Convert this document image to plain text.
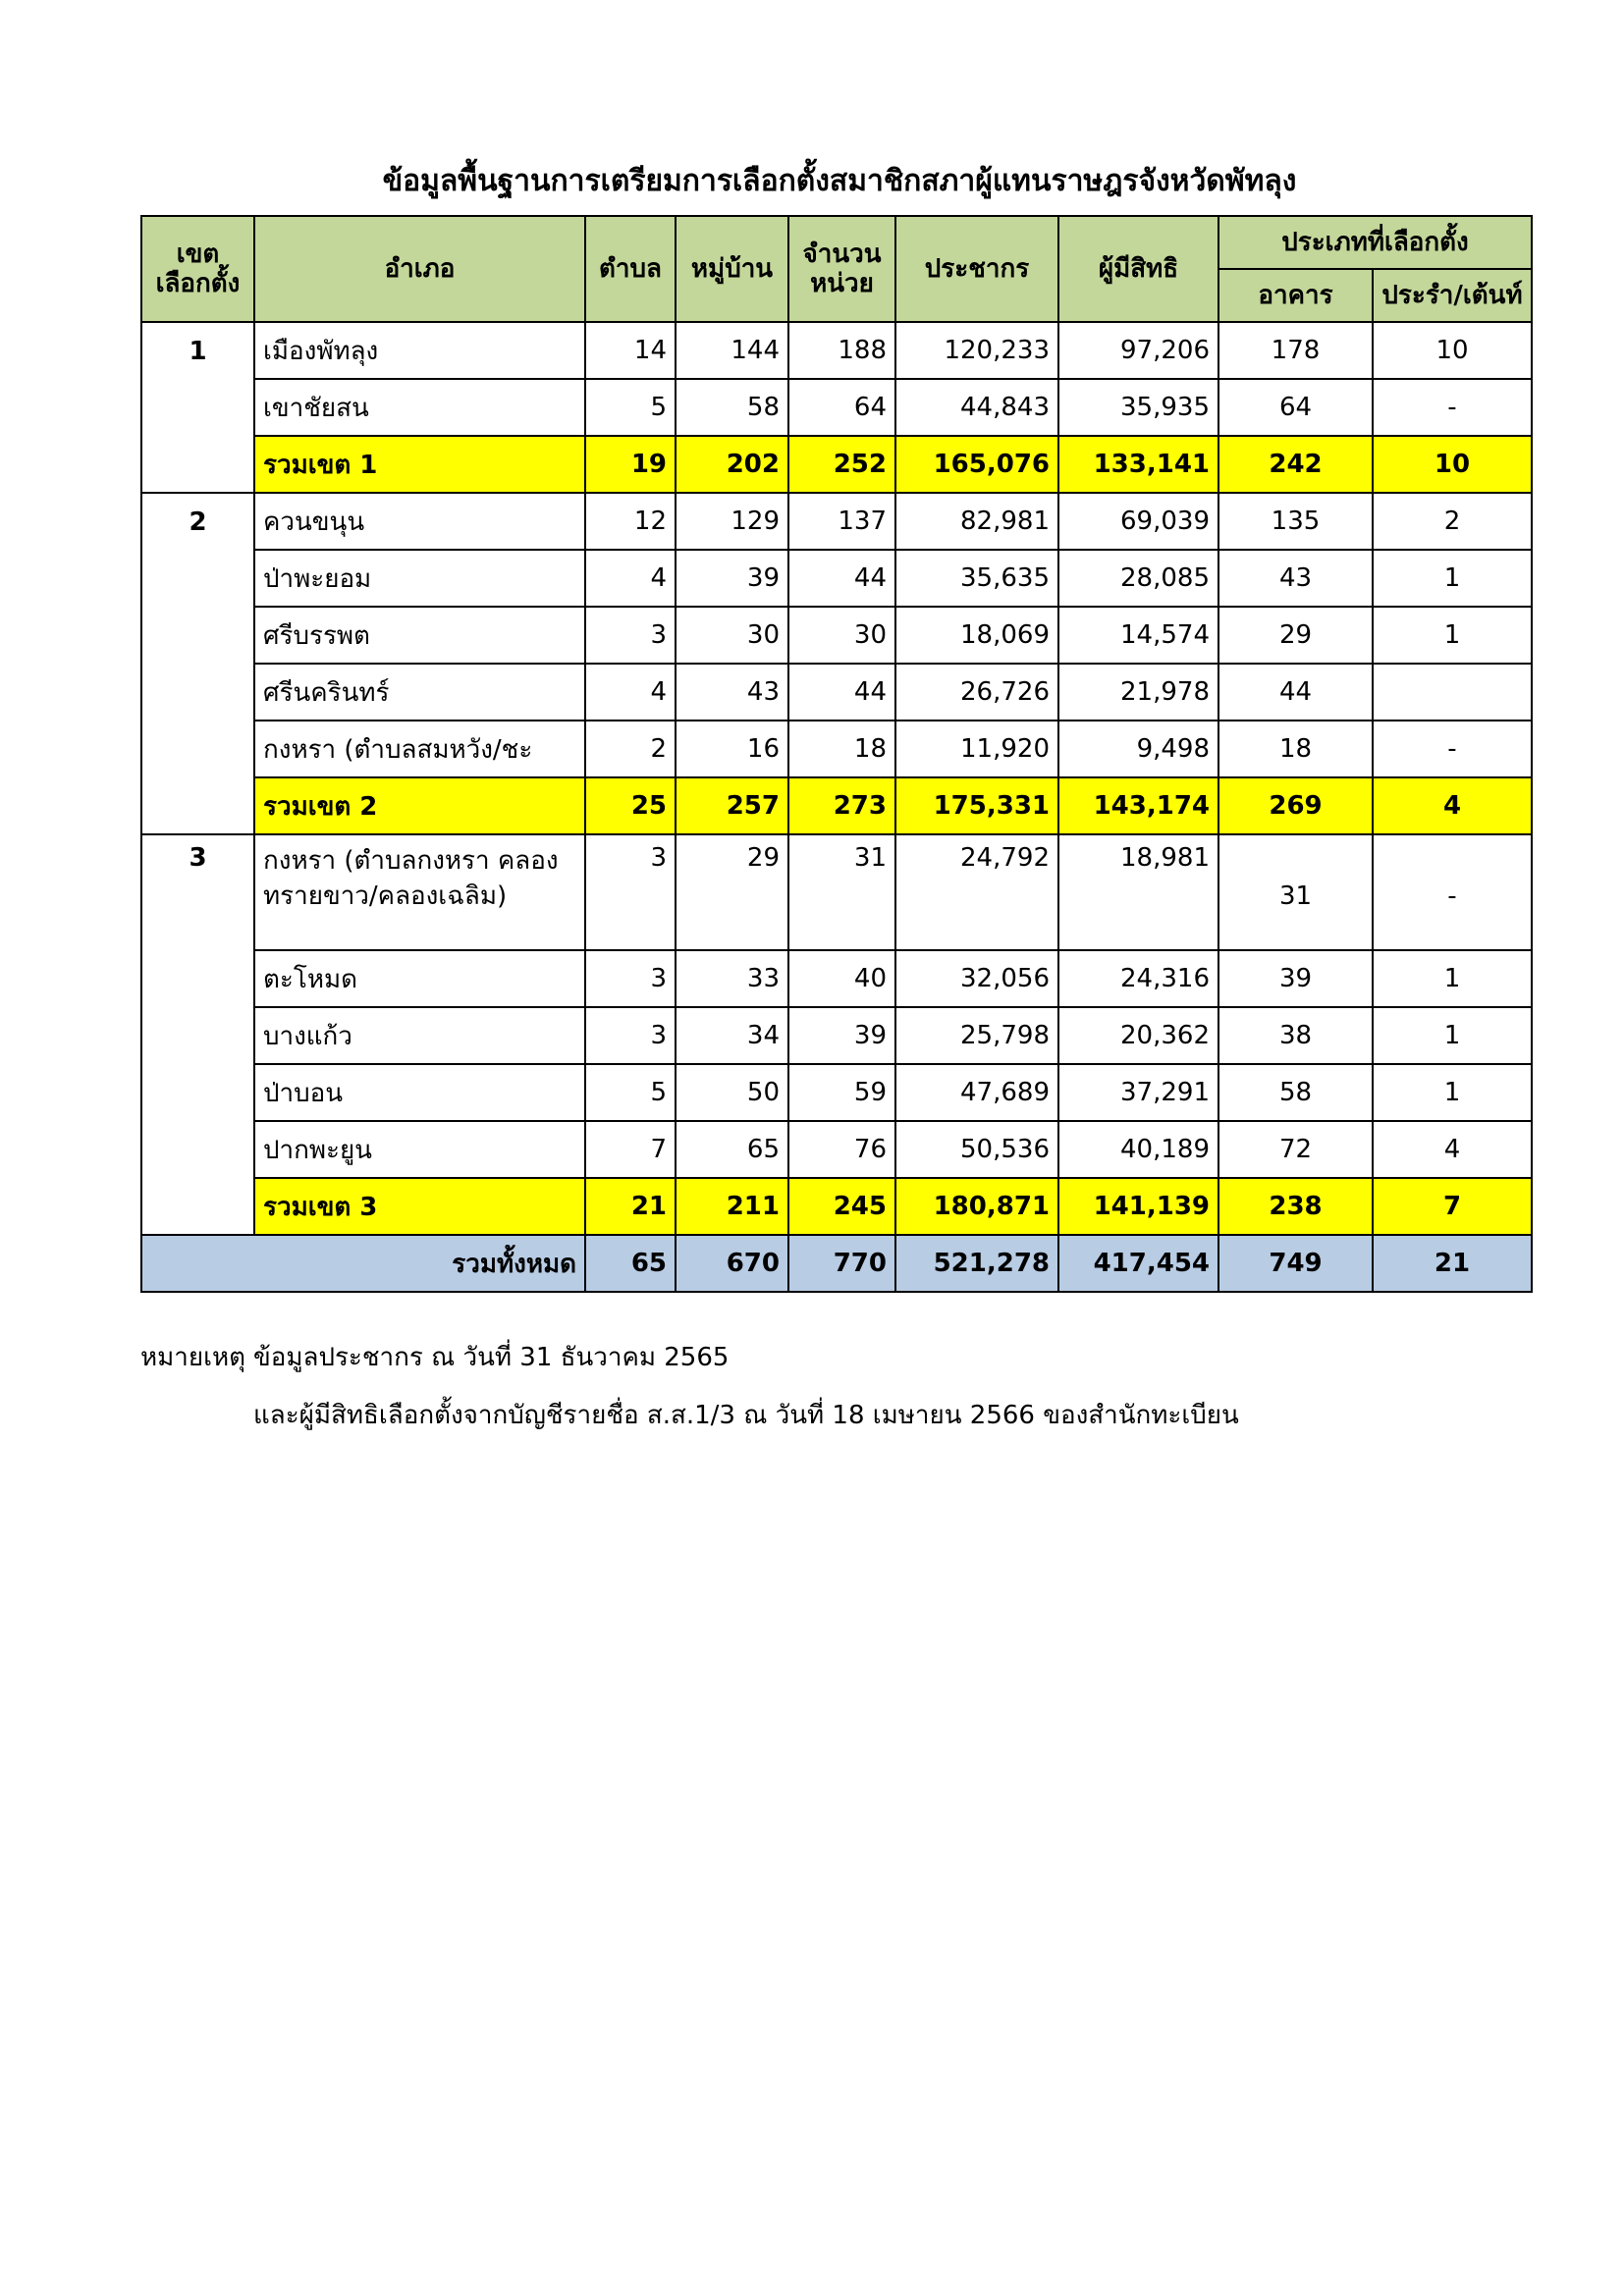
ข้อมูลพื้นฐานการเตรียมการเลือกตั้งสมาชิกสภาผู้แทนราษฎรจังหวัดพัทลุง
เขต
เลือกตั้ง	อำเภอ	ตำบล	หมู่บ้าน	จำนวน
หน่วย	ประชากร	ผู้มีสิทธิ	ประเภทที่เลือกตั้ง	
							อาคาร	ประรำ/เต้นท์
1	เมืองพัทลุง	14	144	188	120,233	97,206	178	10
	เขาชัยสน	5	58	64	44,843	35,935	64	-
	รวมเขต 1	19	202	252	165,076	133,141	242	10
2	ควนขนุน	12	129	137	82,981	69,039	135	2
	ป่าพะยอม	4	39	44	35,635	28,085	43	1
	ศรีบรรพต	3	30	30	18,069	14,574	29	1
	ศรีนครินทร์	4	43	44	26,726	21,978	44	
	กงหรา (ตำบลสมหวัง/ชะ	2	16	18	11,920	9,498	18	-
	รวมเขต 2	25	257	273	175,331	143,174	269	4
3	กงหรา (ตำบลกงหรา คลองทรายขาว/คลองเฉลิม)	3	29	31	24,792	18,981	31	-
	ตะโหมด	3	33	40	32,056	24,316	39	1
	บางแก้ว	3	34	39	25,798	20,362	38	1
	ป่าบอน	5	50	59	47,689	37,291	58	1
	ปากพะยูน	7	65	76	50,536	40,189	72	4
	รวมเขต 3	21	211	245	180,871	141,139	238	7
รวมทั้งหมด		65	670	770	521,278	417,454	749	21
หมายเหตุ ข้อมูลประชากร ณ วันที่ 31 ธันวาคม 2565
และผู้มีสิทธิเลือกตั้งจากบัญชีรายชื่อ ส.ส.1/3 ณ วันที่ 18 เมษายน 2566 ของสำนักทะเบียน
